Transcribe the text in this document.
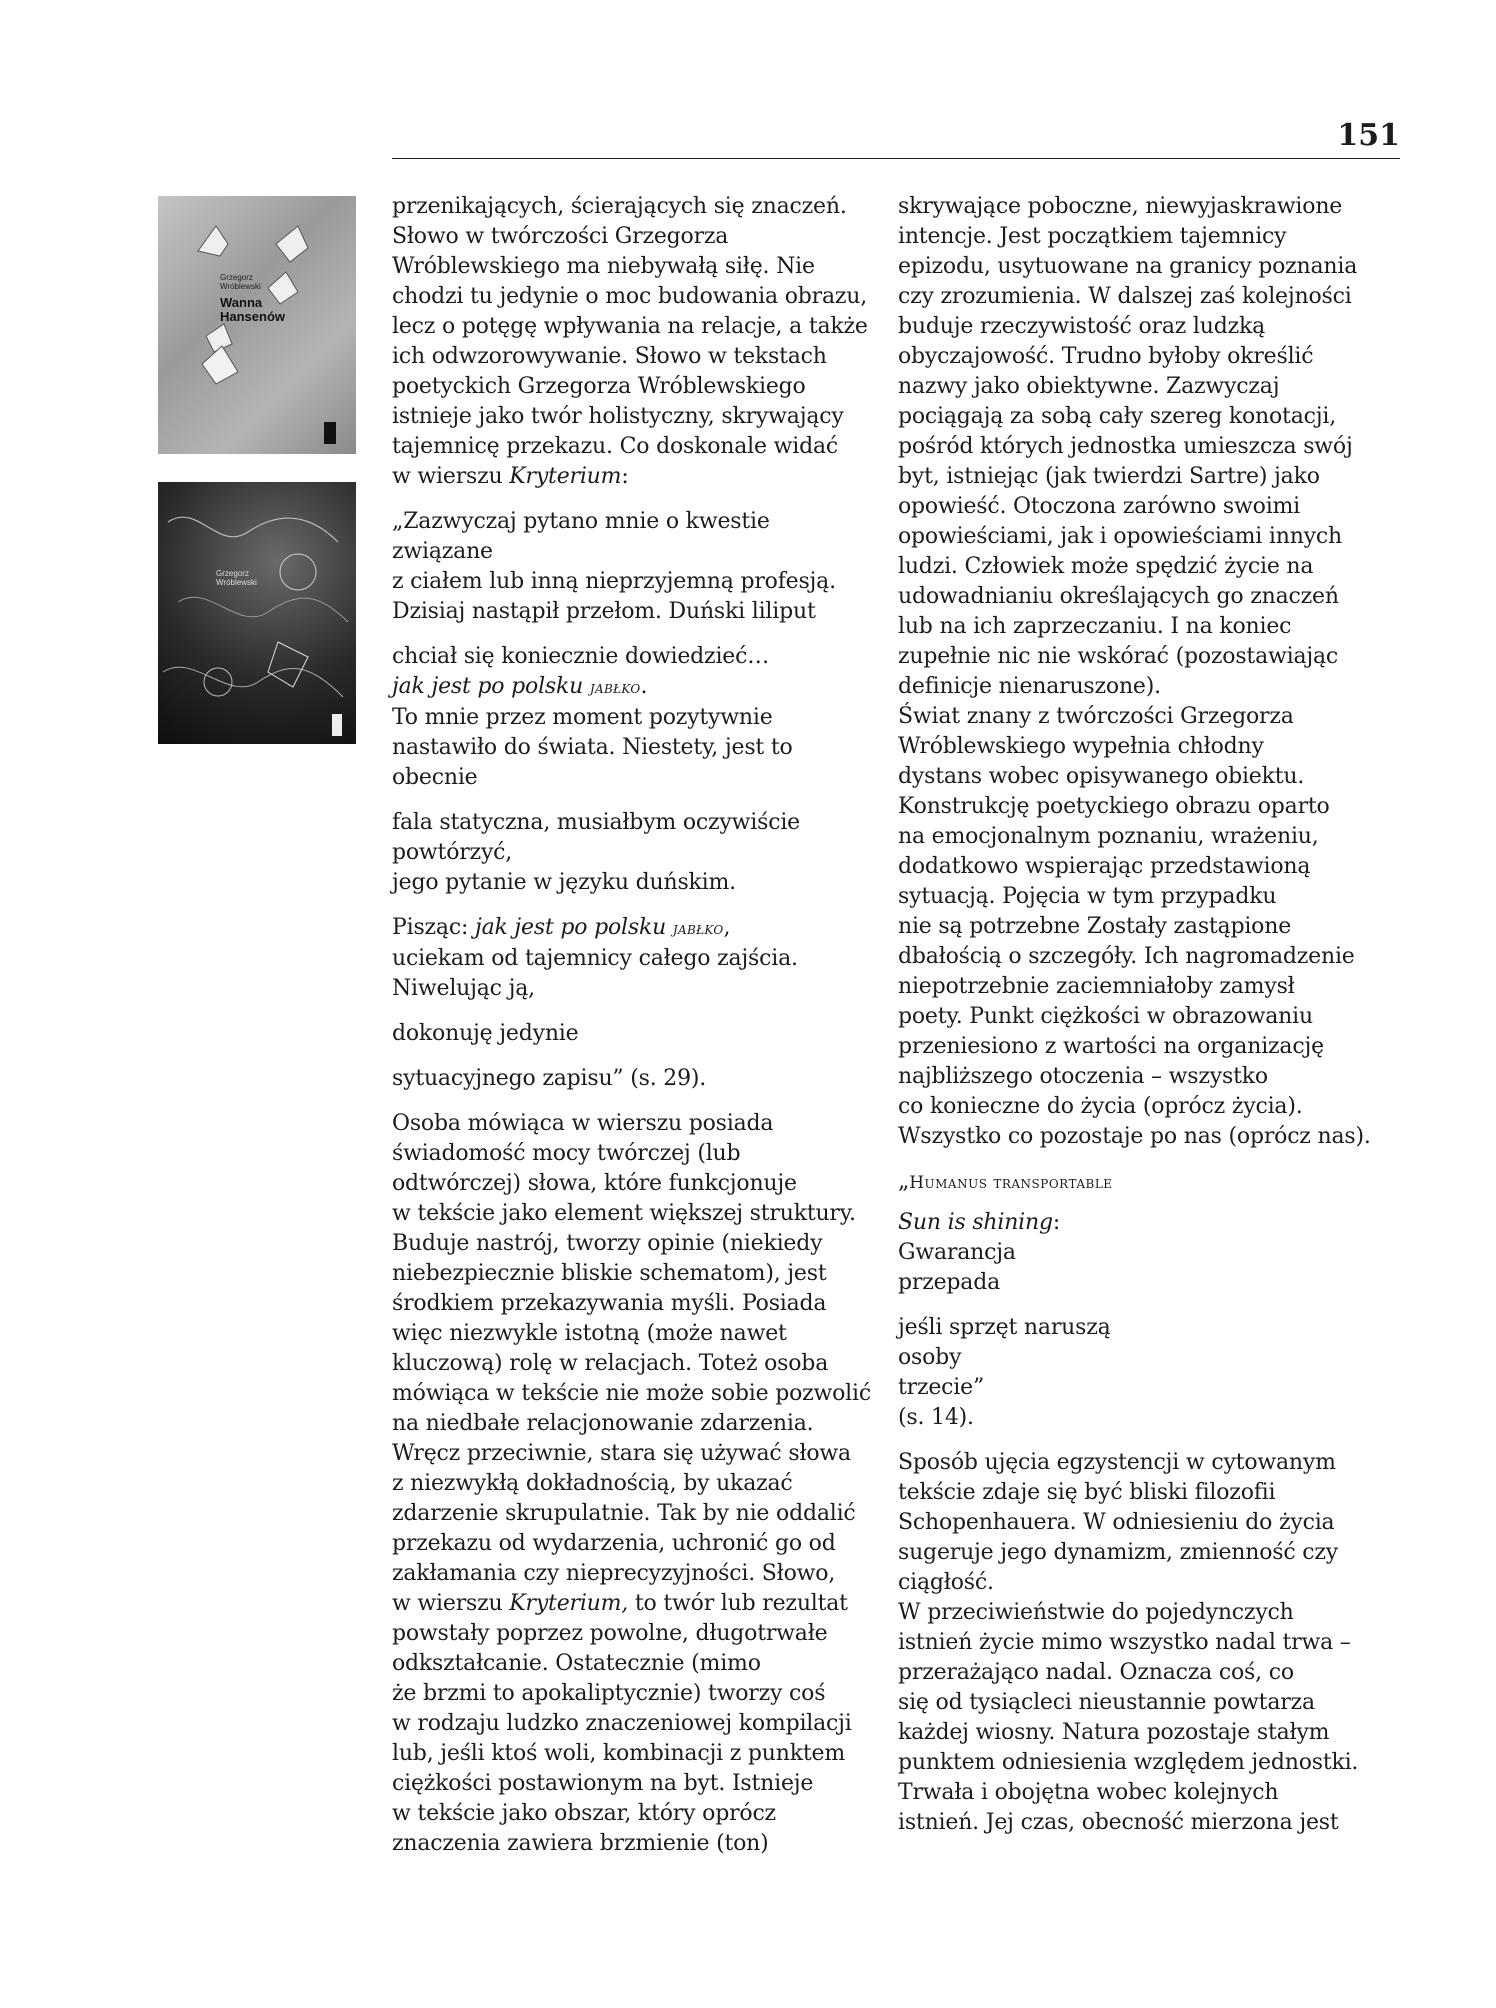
151
Grzegorz
Wróblewski
Wanna
Hansenów
Grzegorz
Wróblewski
przenikających, ścierających się znaczeń.
Słowo w twórczości Grzegorza
Wróblewskiego ma niebywałą siłę. Nie
chodzi tu jedynie o moc budowania obrazu,
lecz o potęgę wpływania na relacje, a także
ich odwzorowywanie. Słowo w tekstach
poetyckich Grzegorza Wróblewskiego
istnieje jako twór holistyczny, skrywający
tajemnicę przekazu. Co doskonale widać
w wierszu Kryterium:
„Zazwyczaj pytano mnie o kwestie
związane
z ciałem lub inną nieprzyjemną profesją.
Dzisiaj nastąpił przełom. Duński liliput
chciał się koniecznie dowiedzieć…
jak jest po polsku jabłko.
To mnie przez moment pozytywnie
nastawiło do świata. Niestety, jest to
obecnie
fala statyczna, musiałbym oczywiście
powtórzyć,
jego pytanie w języku duńskim.
Pisząc: jak jest po polsku jabłko,
uciekam od tajemnicy całego zajścia.
Niwelując ją,
dokonuję jedynie
sytuacyjnego zapisu” (s. 29).
Osoba mówiąca w wierszu posiada
świadomość mocy twórczej (lub
odtwórczej) słowa, które funkcjonuje
w tekście jako element większej struktury.
Buduje nastrój, tworzy opinie (niekiedy
niebezpiecznie bliskie schematom), jest
środkiem przekazywania myśli. Posiada
więc niezwykle istotną (może nawet
kluczową) rolę w relacjach. Toteż osoba
mówiąca w tekście nie może sobie pozwolić
na niedbałe relacjonowanie zdarzenia.
Wręcz przeciwnie, stara się używać słowa
z niezwykłą dokładnością, by ukazać
zdarzenie skrupulatnie. Tak by nie oddalić
przekazu od wydarzenia, uchronić go od
zakłamania czy nieprecyzyjności. Słowo,
w wierszu Kryterium, to twór lub rezultat
powstały poprzez powolne, długotrwałe
odkształcanie. Ostatecznie (mimo
że brzmi to apokaliptycznie) tworzy coś
w rodzaju ludzko znaczeniowej kompilacji
lub, jeśli ktoś woli, kombinacji z punktem
ciężkości postawionym na byt. Istnieje
w tekście jako obszar, który oprócz
znaczenia zawiera brzmienie (ton)
skrywające poboczne, niewyjaskrawione
intencje. Jest początkiem tajemnicy
epizodu, usytuowane na granicy poznania
czy zrozumienia. W dalszej zaś kolejności
buduje rzeczywistość oraz ludzką
obyczajowość. Trudno byłoby określić
nazwy jako obiektywne. Zazwyczaj
pociągają za sobą cały szereg konotacji,
pośród których jednostka umieszcza swój
byt, istniejąc (jak twierdzi Sartre) jako
opowieść. Otoczona zarówno swoimi
opowieściami, jak i opowieściami innych
ludzi. Człowiek może spędzić życie na
udowadnianiu określających go znaczeń
lub na ich zaprzeczaniu. I na koniec
zupełnie nic nie wskórać (pozostawiając
definicje nienaruszone).
Świat znany z twórczości Grzegorza
Wróblewskiego wypełnia chłodny
dystans wobec opisywanego obiektu.
Konstrukcję poetyckiego obrazu oparto
na emocjonalnym poznaniu, wrażeniu,
dodatkowo wspierając przedstawioną
sytuacją. Pojęcia w tym przypadku
nie są potrzebne Zostały zastąpione
dbałością o szczegóły. Ich nagromadzenie
niepotrzebnie zaciemniałoby zamysł
poety. Punkt ciężkości w obrazowaniu
przeniesiono z wartości na organizację
najbliższego otoczenia – wszystko
co konieczne do życia (oprócz życia).
Wszystko co pozostaje po nas (oprócz nas).
„Humanus transportable
Sun is shining:
Gwarancja
przepada
jeśli sprzęt naruszą
osoby
trzecie”
(s. 14).
Sposób ujęcia egzystencji w cytowanym
tekście zdaje się być bliski filozofii
Schopenhauera. W odniesieniu do życia
sugeruje jego dynamizm, zmienność czy
ciągłość.
W przeciwieństwie do pojedynczych
istnień życie mimo wszystko nadal trwa –
przerażająco nadal. Oznacza coś, co
się od tysiącleci nieustannie powtarza
każdej wiosny. Natura pozostaje stałym
punktem odniesienia względem jednostki.
Trwała i obojętna wobec kolejnych
istnień. Jej czas, obecność mierzona jest
